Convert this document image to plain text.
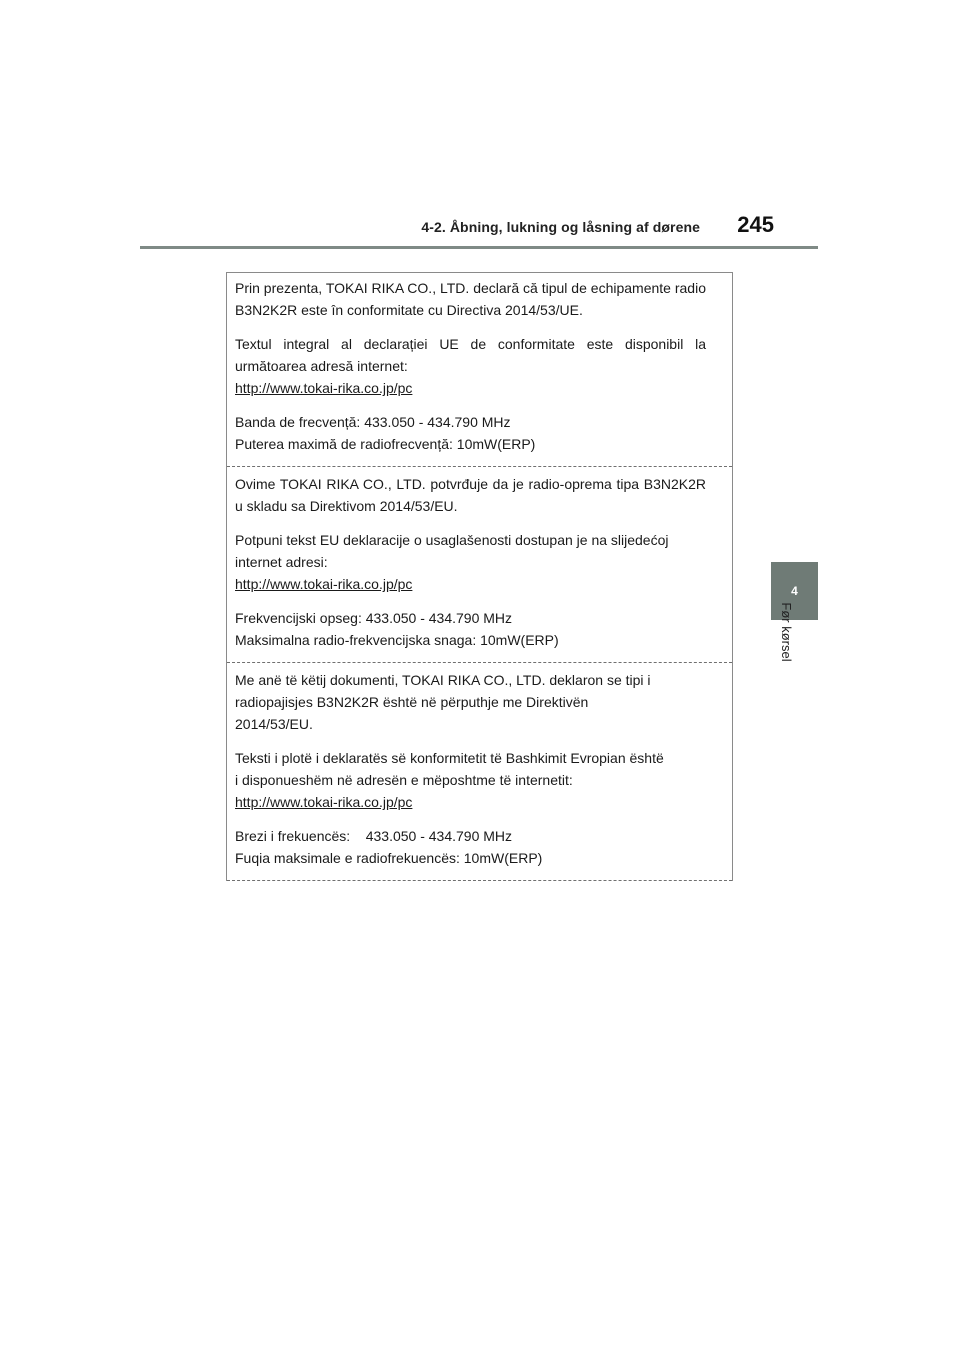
4-2. Åbning, lukning og låsning af dørene 245
4
Før kørsel

Prin prezenta, TOKAI RIKA CO., LTD. declară că tipul de echipamente radio B3N2K2R este în conformitate cu Directiva 2014/53/UE.

Textul integral al declarației UE de conformitate este disponibil la următoarea adresă internet:

http://www.tokai-rika.co.jp/pc

Banda de frecvență: 433.050 - 434.790 MHz

Puterea maximă de radiofrecvență: 10mW(ERP)

Ovime TOKAI RIKA CO., LTD. potvrđuje da je radio-oprema tipa B3N2K2R u skladu sa Direktivom 2014/53/EU.

Potpuni tekst EU deklaracije o usaglašenosti dostupan je na slijedećoj internet adresi:

http://www.tokai-rika.co.jp/pc

Frekvencijski opseg: 433.050 - 434.790 MHz

Maksimalna radio-frekvencijska snaga: 10mW(ERP)

Me anë të këtij dokumenti, TOKAI RIKA CO., LTD. deklaron se tipi i

radiopajisjes B3N2K2R është në përputhje me Direktivën

2014/53/EU.

Teksti i plotë i deklaratës së konformitetit të Bashkimit Evropian është

i disponueshëm në adresën e mëposhtme të internetit:

http://www.tokai-rika.co.jp/pc

Brezi i frekuencës:    433.050 - 434.790 MHz

Fuqia maksimale e radiofrekuencës: 10mW(ERP)
